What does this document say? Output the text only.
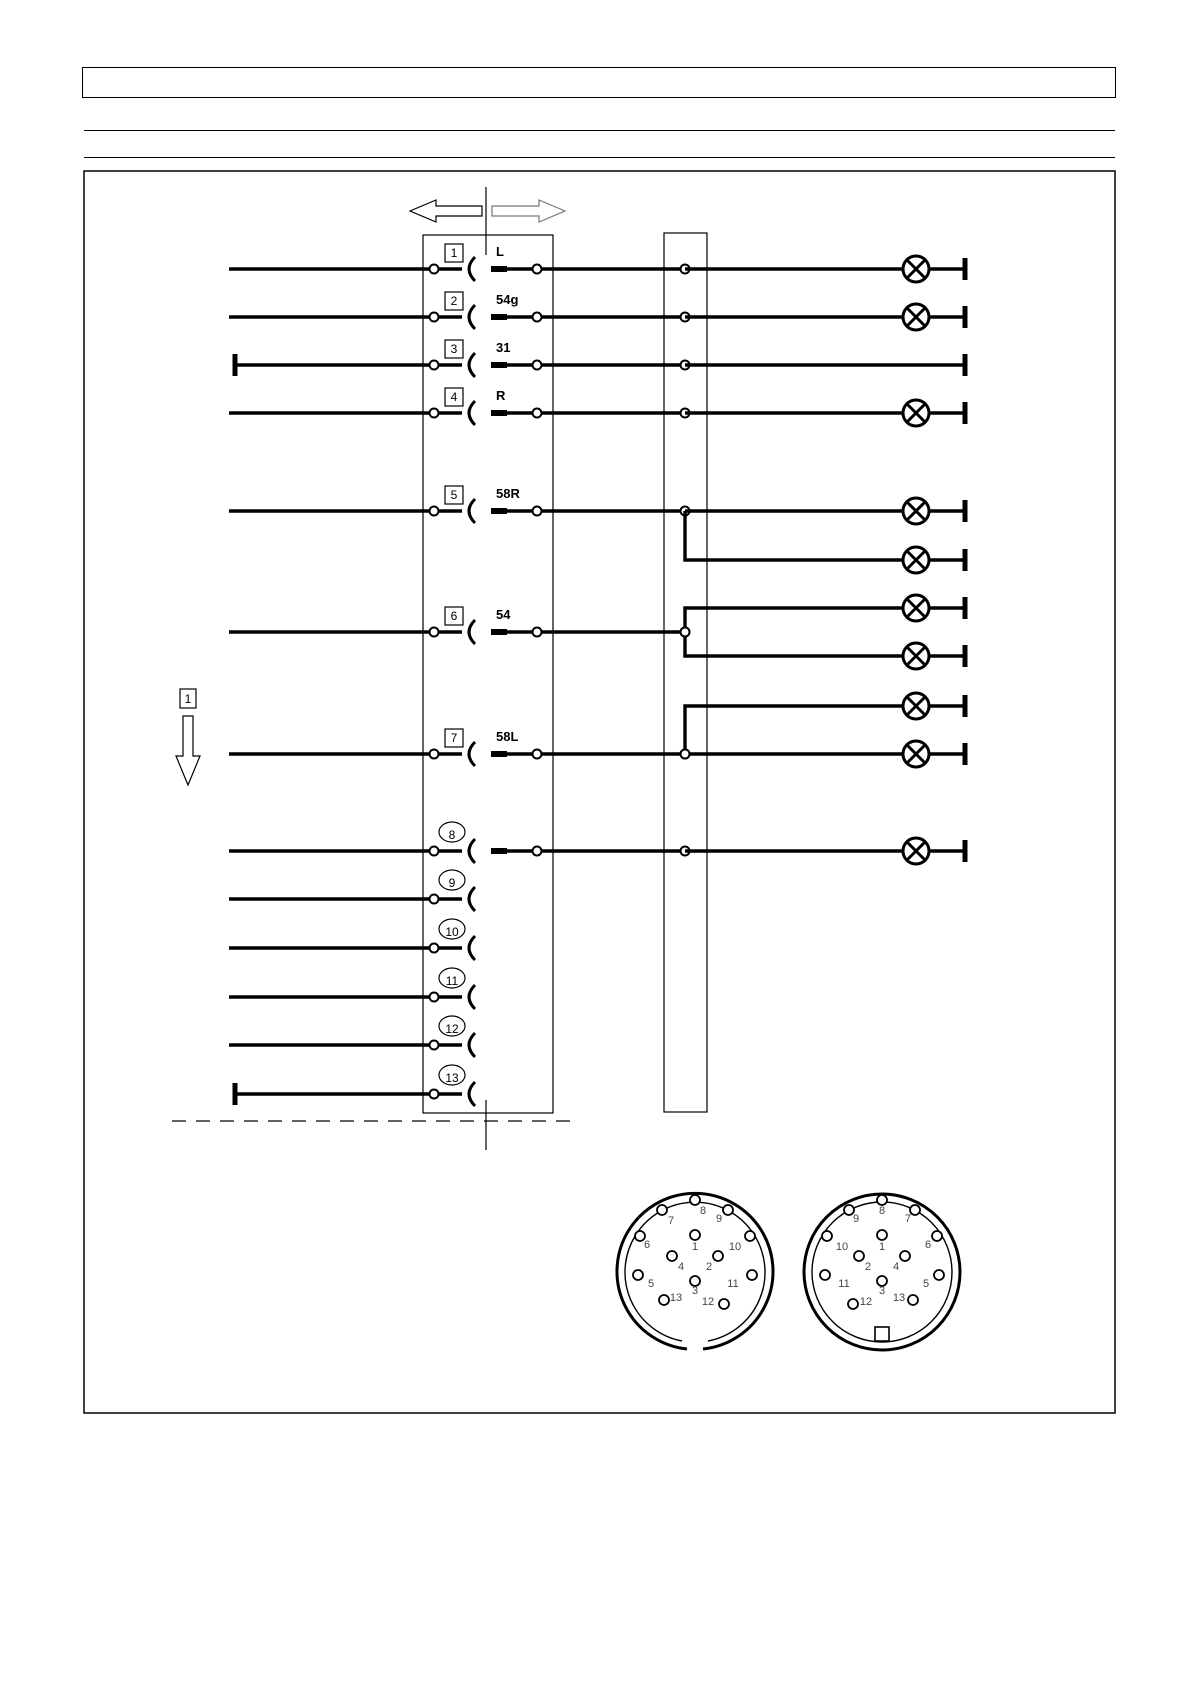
1
1	L
2	54g
3	31
4	R
5	58R
6	54
7	58L
8
9
10
11
12
13
1
2
3
4
5
6
7
8
9
10
11
12
13
1
2
3
4
5
6
7
8
9
10
11
12 13
